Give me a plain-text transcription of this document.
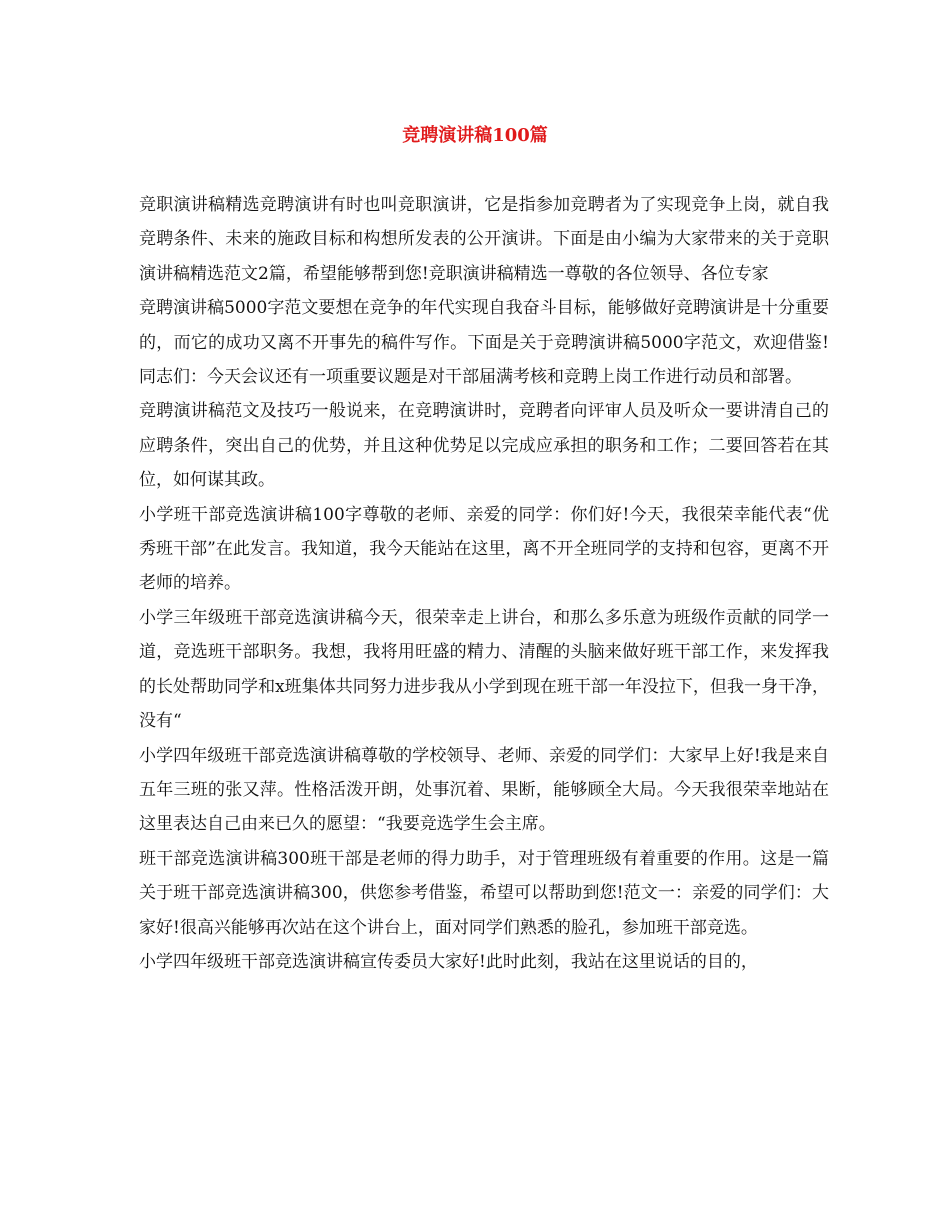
竞聘演讲稿100篇

竞职演讲稿精选竞聘演讲有时也叫竞职演讲，它是指参加竞聘者为了实现竞争上岗，就自我竞聘条件、未来的施政目标和构想所发表的公开演讲。下面是由小编为大家带来的关于竞职演讲稿精选范文2篇，希望能够帮到您!竞职演讲稿精选一尊敬的各位领导、各位专家

竞聘演讲稿5000字范文要想在竞争的年代实现自我奋斗目标，能够做好竞聘演讲是十分重要的，而它的成功又离不开事先的稿件写作。下面是关于竞聘演讲稿5000字范文，欢迎借鉴!同志们：今天会议还有一项重要议题是对干部届满考核和竞聘上岗工作进行动员和部署。

竞聘演讲稿范文及技巧一般说来，在竞聘演讲时，竞聘者向评审人员及听众一要讲清自己的应聘条件，突出自己的优势，并且这种优势足以完成应承担的职务和工作；二要回答若在其位，如何谋其政。

小学班干部竞选演讲稿100字尊敬的老师、亲爱的同学：你们好!今天，我很荣幸能代表“优秀班干部”在此发言。我知道，我今天能站在这里，离不开全班同学的支持和包容，更离不开老师的培养。

小学三年级班干部竞选演讲稿今天，很荣幸走上讲台，和那么多乐意为班级作贡献的同学一道，竞选班干部职务。我想，我将用旺盛的精力、清醒的头脑来做好班干部工作，来发挥我的长处帮助同学和x班集体共同努力进步我从小学到现在班干部一年没拉下，但我一身干净，没有“

小学四年级班干部竞选演讲稿尊敬的学校领导、老师、亲爱的同学们：大家早上好!我是来自五年三班的张又萍。性格活泼开朗，处事沉着、果断，能够顾全大局。今天我很荣幸地站在这里表达自己由来已久的愿望：“我要竞选学生会主席。

班干部竞选演讲稿300班干部是老师的得力助手，对于管理班级有着重要的作用。这是一篇关于班干部竞选演讲稿300，供您参考借鉴，希望可以帮助到您!范文一：亲爱的同学们：大家好!很高兴能够再次站在这个讲台上，面对同学们熟悉的脸孔，参加班干部竞选。

小学四年级班干部竞选演讲稿宣传委员大家好!此时此刻，我站在这里说话的目的，
